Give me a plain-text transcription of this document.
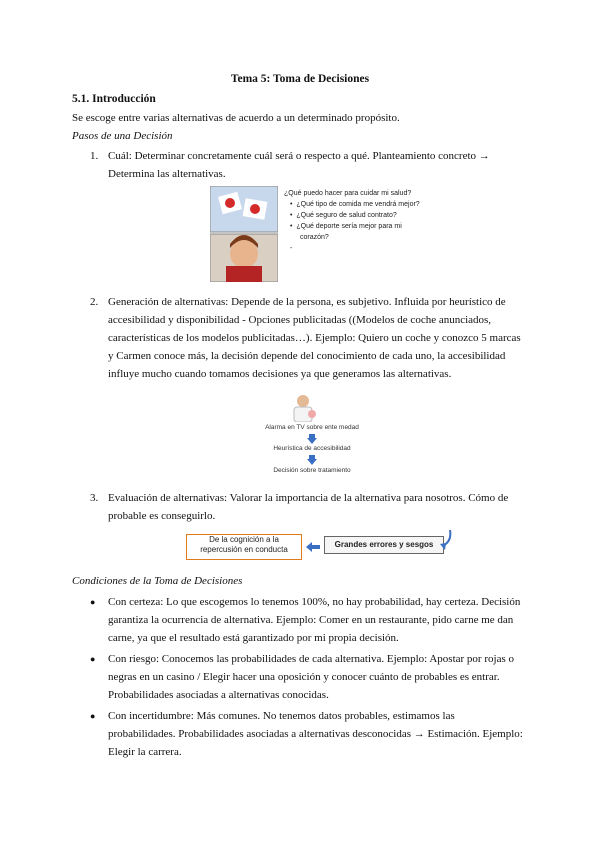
Tema 5: Toma de Decisiones
5.1. Introducción
Se escoge entre varias alternativas de acuerdo a un determinado propósito.
Pasos de una Decisión
1. Cuál: Determinar concretamente cuál será o respecto a qué. Planteamiento concreto →
Determina las alternativas.
¿Qué puedo hacer para cuidar mi salud?
•  ¿Qué tipo de comida me vendrá mejor?
•  ¿Qué seguro de salud contrato?
•  ¿Qué deporte sería mejor para mi
corazón?
-
2. Generación de alternativas: Depende de la persona, es subjetivo. Influida por heurístico de
accesibilidad y disponibilidad - Opciones publicitadas ((Modelos de coche anunciados,
características de los modelos publicitadas…). Ejemplo: Quiero un coche y conozco 5 marcas
y Carmen conoce más, la decisión depende del conocimiento de cada uno, la accesibilidad
influye mucho cuando tomamos decisiones ya que generamos las alternativas.
Alarma en TV sobre ente medad
Heurística de accesibilidad
Decisión sobre tratamiento
3. Evaluación de alternativas: Valorar la importancia de la alternativa para nosotros. Cómo de
probable es conseguirlo.
De la cognición a la
repercusión en conducta
Grandes errores y sesgos
Condiciones de la Toma de Decisiones
● Con certeza: Lo que escogemos lo tenemos 100%, no hay probabilidad, hay certeza. Decisión
garantiza la ocurrencia de alternativa. Ejemplo: Comer en un restaurante, pido carne me dan
carne, ya que el resultado está garantizado por mi propia decisión.
● Con riesgo: Conocemos las probabilidades de cada alternativa. Ejemplo: Apostar por rojas o
negras en un casino / Elegir hacer una oposición y conocer cuánto de probables es entrar.
Probabilidades asociadas a alternativas conocidas.
● Con incertidumbre: Más comunes. No tenemos datos probables, estimamos las
probabilidades. Probabilidades asociadas a alternativas desconocidas → Estimación. Ejemplo:
Elegir la carrera.
